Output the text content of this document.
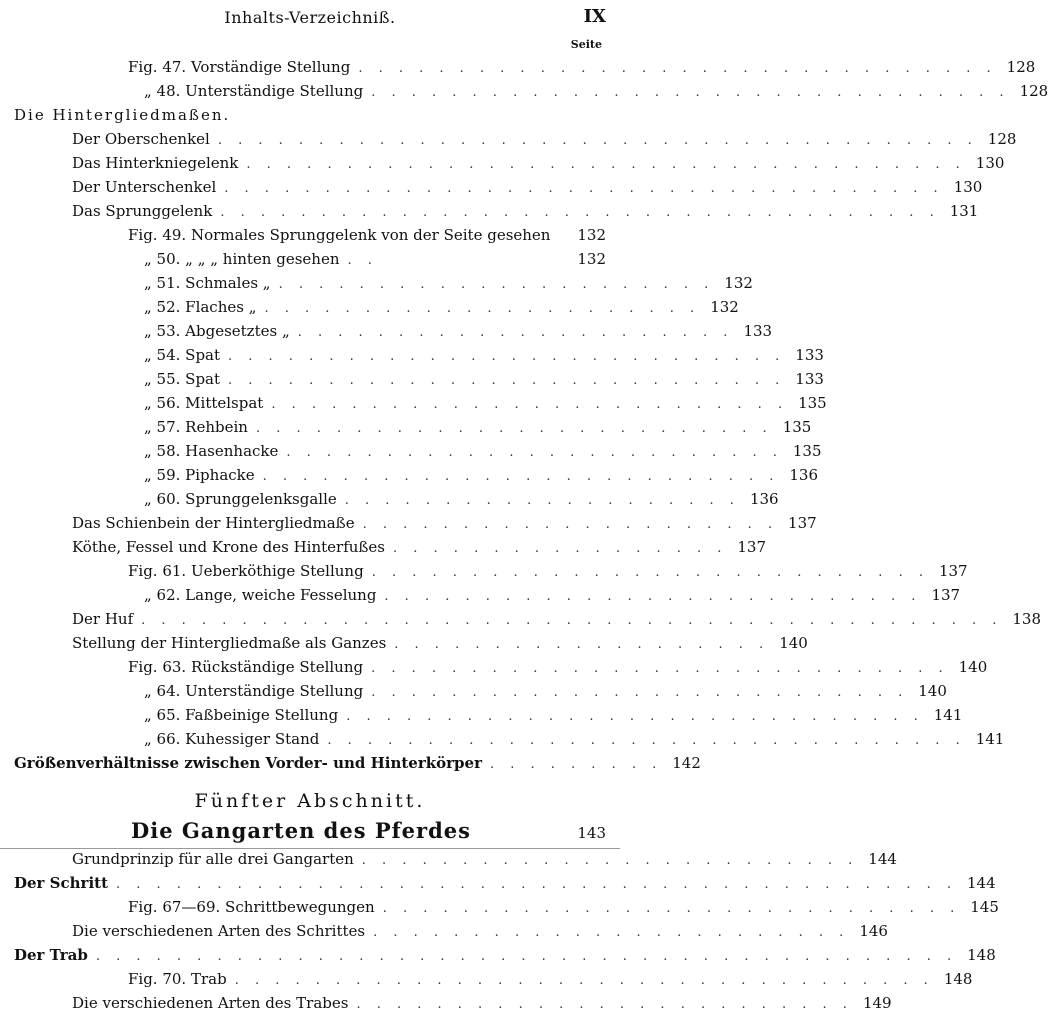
Inhalts-Verzeichniß.	IX
Seite
Fig. 47. Vorständige Stellung . . . . . . . . . . . . . . . . . . . . . . . . . . . . . . . . 128
„ 48. Unterständige Stellung . . . . . . . . . . . . . . . . . . . . . . . . . . . . . . . . 128
Die Hintergliedmaßen.
Der Oberschenkel . . . . . . . . . . . . . . . . . . . . . . . . . . . . . . . . . . . . . . 128
Das Hinterkniegelenk . . . . . . . . . . . . . . . . . . . . . . . . . . . . . . . . . . . . 130
Der Unterschenkel . . . . . . . . . . . . . . . . . . . . . . . . . . . . . . . . . . . . 130
Das Sprunggelenk . . . . . . . . . . . . . . . . . . . . . . . . . . . . . . . . . . . . 131
Fig. 49. Normales Sprunggelenk von der Seite gesehen	132
„ 50. „ „ „ hinten gesehen . .	132
„ 51. Schmales „ . . . . . . . . . . . . . . . . . . . . . . 132
„ 52. Flaches „ . . . . . . . . . . . . . . . . . . . . . . 132
„ 53. Abgesetztes „ . . . . . . . . . . . . . . . . . . . . . . 133
„ 54. Spat . . . . . . . . . . . . . . . . . . . . . . . . . . . . 133
„ 55. Spat . . . . . . . . . . . . . . . . . . . . . . . . . . . . 133
„ 56. Mittelspat . . . . . . . . . . . . . . . . . . . . . . . . . . 135
„ 57. Rehbein . . . . . . . . . . . . . . . . . . . . . . . . . . 135
„ 58. Hasenhacke . . . . . . . . . . . . . . . . . . . . . . . . . 135
„ 59. Piphacke . . . . . . . . . . . . . . . . . . . . . . . . . . 136
„ 60. Sprunggelenksgalle . . . . . . . . . . . . . . . . . . . . 136
Das Schienbein der Hintergliedmaße . . . . . . . . . . . . . . . . . . . . . 137
Köthe, Fessel und Krone des Hinterfußes . . . . . . . . . . . . . . . . . 137
Fig. 61. Ueberköthige Stellung . . . . . . . . . . . . . . . . . . . . . . . . . . . . 137
„ 62. Lange, weiche Fesselung . . . . . . . . . . . . . . . . . . . . . . . . . . . 137
Der Huf . . . . . . . . . . . . . . . . . . . . . . . . . . . . . . . . . . . . . . . . . . . 138
Stellung der Hintergliedmaße als Ganzes . . . . . . . . . . . . . . . . . . . 140
Fig. 63. Rückständige Stellung . . . . . . . . . . . . . . . . . . . . . . . . . . . . . 140
„ 64. Unterständige Stellung . . . . . . . . . . . . . . . . . . . . . . . . . . . 140
„ 65. Faßbeinige Stellung . . . . . . . . . . . . . . . . . . . . . . . . . . . . . 141
„ 66. Kuhessiger Stand . . . . . . . . . . . . . . . . . . . . . . . . . . . . . . . . 141
Größenverhältnisse zwischen Vorder- und Hinterkörper . . . . . . . . . 142
Fünfter Abschnitt.
Die Gangarten des Pferdes	143
Grundprinzip für alle drei Gangarten . . . . . . . . . . . . . . . . . . . . . . . . . 144
Der Schritt . . . . . . . . . . . . . . . . . . . . . . . . . . . . . . . . . . . . . . . . . . 144
Fig. 67—69. Schrittbewegungen . . . . . . . . . . . . . . . . . . . . . . . . . . . . . 145
Die verschiedenen Arten des Schrittes . . . . . . . . . . . . . . . . . . . . . . . . 146
Der Trab . . . . . . . . . . . . . . . . . . . . . . . . . . . . . . . . . . . . . . . . . . . 148
Fig. 70. Trab . . . . . . . . . . . . . . . . . . . . . . . . . . . . . . . . . . . 148
Die verschiedenen Arten des Trabes . . . . . . . . . . . . . . . . . . . . . . . . . 149
